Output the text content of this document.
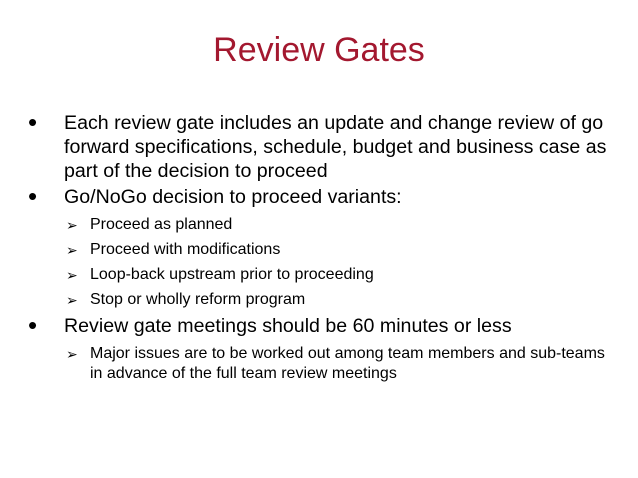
Review Gates
• Each review gate includes an update and change review of go forward specifications, schedule, budget and business case as part of the decision to proceed
• Go/NoGo decision to proceed variants:
➢ Proceed as planned
➢ Proceed with modifications
➢ Loop-back upstream prior to proceeding
➢ Stop or wholly reform program
• Review gate meetings should be 60 minutes or less
➢ Major issues are to be worked out among team members and sub-teams in advance of the full team review meetings
